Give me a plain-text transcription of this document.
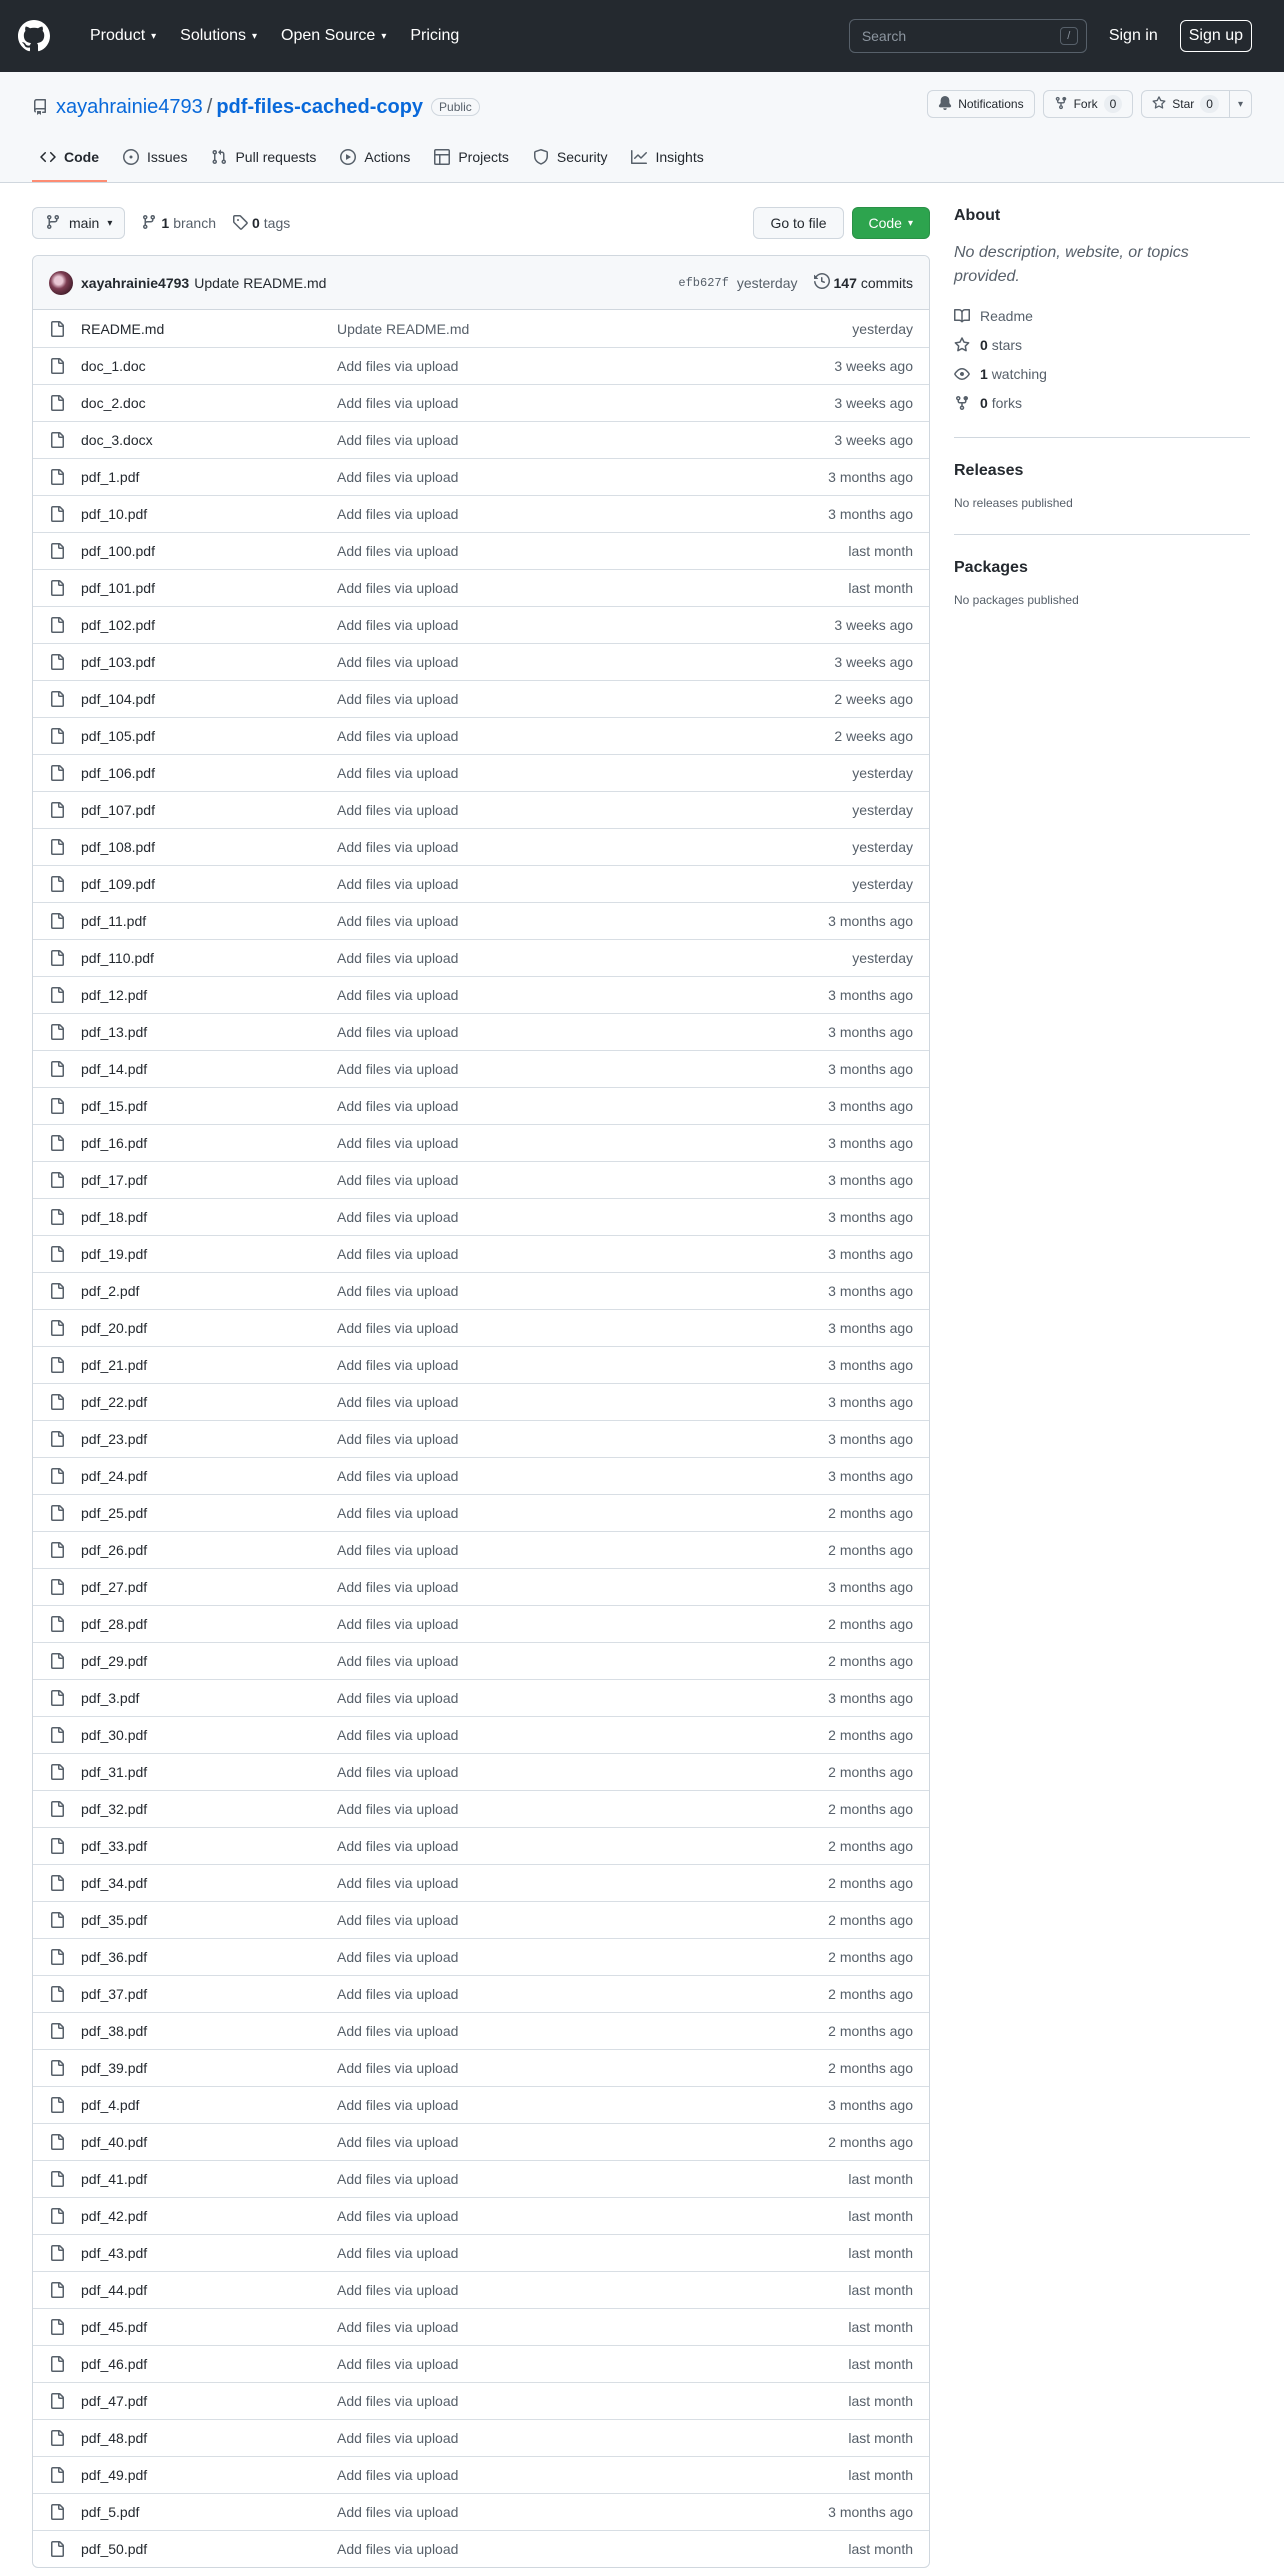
Product ▾ Solutions ▾ Open Source ▾ Pricing
Search	/	Sign in	Sign up
xayahrainie4793 / pdf-files-cached-copy	Public	Notifications	Fork	0	Star	0	▾
Code	Issues	Pull requests	Actions	Projects	Security	Insights
main ▾	1 branch	0 tags	Go to file	Code ▾
xayahrainie4793 Update README.md	efb627f yesterday	147 commits
README.md	Update README.md	yesterday
doc_1.doc	Add files via upload	3 weeks ago
doc_2.doc	Add files via upload	3 weeks ago
doc_3.docx	Add files via upload	3 weeks ago
pdf_1.pdf	Add files via upload	3 months ago
pdf_10.pdf	Add files via upload	3 months ago
pdf_100.pdf	Add files via upload	last month
pdf_101.pdf	Add files via upload	last month
pdf_102.pdf	Add files via upload	3 weeks ago
pdf_103.pdf	Add files via upload	3 weeks ago
pdf_104.pdf	Add files via upload	2 weeks ago
pdf_105.pdf	Add files via upload	2 weeks ago
pdf_106.pdf	Add files via upload	yesterday
pdf_107.pdf	Add files via upload	yesterday
pdf_108.pdf	Add files via upload	yesterday
pdf_109.pdf	Add files via upload	yesterday
pdf_11.pdf	Add files via upload	3 months ago
pdf_110.pdf	Add files via upload	yesterday
pdf_12.pdf	Add files via upload	3 months ago
pdf_13.pdf	Add files via upload	3 months ago
pdf_14.pdf	Add files via upload	3 months ago
pdf_15.pdf	Add files via upload	3 months ago
pdf_16.pdf	Add files via upload	3 months ago
pdf_17.pdf	Add files via upload	3 months ago
pdf_18.pdf	Add files via upload	3 months ago
pdf_19.pdf	Add files via upload	3 months ago
pdf_2.pdf	Add files via upload	3 months ago
pdf_20.pdf	Add files via upload	3 months ago
pdf_21.pdf	Add files via upload	3 months ago
pdf_22.pdf	Add files via upload	3 months ago
pdf_23.pdf	Add files via upload	3 months ago
pdf_24.pdf	Add files via upload	3 months ago
pdf_25.pdf	Add files via upload	2 months ago
pdf_26.pdf	Add files via upload	2 months ago
pdf_27.pdf	Add files via upload	3 months ago
pdf_28.pdf	Add files via upload	2 months ago
pdf_29.pdf	Add files via upload	2 months ago
pdf_3.pdf	Add files via upload	3 months ago
pdf_30.pdf	Add files via upload	2 months ago
pdf_31.pdf	Add files via upload	2 months ago
pdf_32.pdf	Add files via upload	2 months ago
pdf_33.pdf	Add files via upload	2 months ago
pdf_34.pdf	Add files via upload	2 months ago
pdf_35.pdf	Add files via upload	2 months ago
pdf_36.pdf	Add files via upload	2 months ago
pdf_37.pdf	Add files via upload	2 months ago
pdf_38.pdf	Add files via upload	2 months ago
pdf_39.pdf	Add files via upload	2 months ago
pdf_4.pdf	Add files via upload	3 months ago
pdf_40.pdf	Add files via upload	2 months ago
pdf_41.pdf	Add files via upload	last month
pdf_42.pdf	Add files via upload	last month
pdf_43.pdf	Add files via upload	last month
pdf_44.pdf	Add files via upload	last month
pdf_45.pdf	Add files via upload	last month
pdf_46.pdf	Add files via upload	last month
pdf_47.pdf	Add files via upload	last month
pdf_48.pdf	Add files via upload	last month
pdf_49.pdf	Add files via upload	last month
pdf_5.pdf	Add files via upload	3 months ago
pdf_50.pdf	Add files via upload	last month
About

No description, website, or topics provided.

Readme
0 stars
1 watching
0 forks
Releases
No releases published
Packages
No packages published
